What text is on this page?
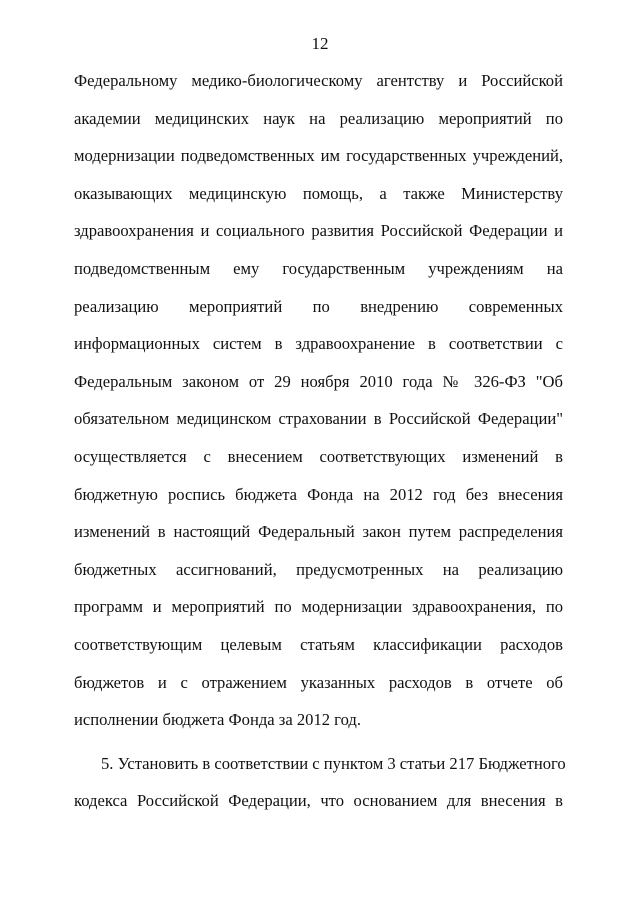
12
Федеральному медико-биологическому агентству и Российской
академии медицинских наук на реализацию мероприятий по
модернизации подведомственных им государственных учреждений,
оказывающих медицинскую помощь, а также Министерству
здравоохранения и социального развития Российской Федерации и
подведомственным ему государственным учреждениям на
реализацию мероприятий по внедрению современных
информационных систем в здравоохранение в соответствии с
Федеральным законом от 29 ноября 2010 года № 326-ФЗ "Об
обязательном медицинском страховании в Российской Федерации"
осуществляется с внесением соответствующих изменений в
бюджетную роспись бюджета Фонда на 2012 год без внесения
изменений в настоящий Федеральный закон путем распределения
бюджетных ассигнований, предусмотренных на реализацию
программ и мероприятий по модернизации здравоохранения, по
соответствующим целевым статьям классификации расходов
бюджетов и с отражением указанных расходов в отчете об
исполнении бюджета Фонда за 2012 год.
5. Установить в соответствии с пунктом 3 статьи 217 Бюджетного
кодекса Российской Федерации, что основанием для внесения в
